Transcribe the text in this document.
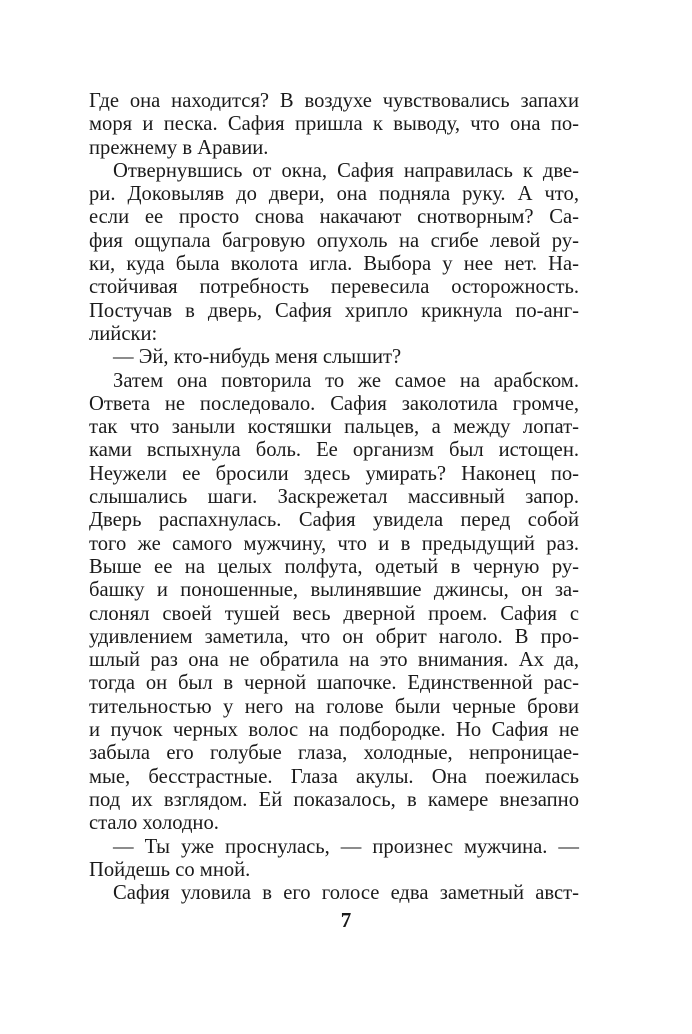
Где она находится? В воздухе чувствовались запахи
моря и песка. Сафия пришла к выводу, что она по-
прежнему в Аравии.
Отвернувшись от окна, Сафия направилась к две-
ри. Доковыляв до двери, она подняла руку. А что,
если ее просто снова накачают снотворным? Са-
фия ощупала багровую опухоль на сгибе левой ру-
ки, куда была вколота игла. Выбора у нее нет. На-
стойчивая потребность перевесила осторожность.
Постучав в дверь, Сафия хрипло крикнула по-анг-
лийски:
— Эй, кто-нибудь меня слышит?
Затем она повторила то же самое на арабском.
Ответа не последовало. Сафия заколотила громче,
так что заныли костяшки пальцев, а между лопат-
ками вспыхнула боль. Ее организм был истощен.
Неужели ее бросили здесь умирать? Наконец по-
слышались шаги. Заскрежетал массивный запор.
Дверь распахнулась. Сафия увидела перед собой
того же самого мужчину, что и в предыдущий раз.
Выше ее на целых полфута, одетый в черную ру-
башку и поношенные, вылинявшие джинсы, он за-
слонял своей тушей весь дверной проем. Сафия с
удивлением заметила, что он обрит наголо. В про-
шлый раз она не обратила на это внимания. Ах да,
тогда он был в черной шапочке. Единственной рас-
тительностью у него на голове были черные брови
и пучок черных волос на подбородке. Но Сафия не
забыла его голубые глаза, холодные, непроницае-
мые, бесстрастные. Глаза акулы. Она поежилась
под их взглядом. Ей показалось, в камере внезапно
стало холодно.
— Ты уже проснулась, — произнес мужчина. —
Пойдешь со мной.
Сафия уловила в его голосе едва заметный авст-
7
